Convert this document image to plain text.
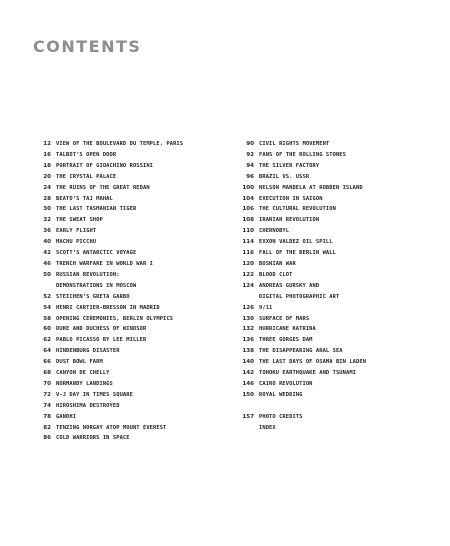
CONTENTS
12 VIEW OF THE BOULEVARD DU TEMPLE, PARIS
16 TALBOT’S OPEN DOOR
18 PORTRAIT OF GIOACHINO ROSSINI
20 THE CRYSTAL PALACE
24 THE RUINS OF THE GREAT REDAN
28 BEATO’S TAJ MAHAL
30 THE LAST TASMANIAN TIGER
32 THE SWEAT SHOP
36 EARLY FLIGHT
40 MACHU PICCHU
42 SCOTT’S ANTARCTIC VOYAGE
46 TRENCH WARFARE IN WORLD WAR I
50 RUSSIAN REVOLUTION:
DEMONSTRATIONS IN MOSCOW
52 STEICHEN’S GRETA GARBO
54 HENRI CARTIER-BRESSON IN MADRID
58 OPENING CEREMONIES, BERLIN OLYMPICS
60 DUKE AND DUCHESS OF WINDSOR
62 PABLO PICASSO BY LEE MILLER
64 HINDENBURG DISASTER
66 DUST BOWL FARM
68 CANYON DE CHELLY
70 NORMANDY LANDINGS
72 V-J DAY IN TIMES SQUARE
74 HIROSHIMA DESTROYED
78 GANDHI
82 TENZING NORGAY ATOP MOUNT EVEREST
86 COLD WARRIORS IN SPACE
90 CIVIL RIGHTS MOVEMENT
92 FANS OF THE ROLLING STONES
94 THE SILVER FACTORY
96 BRAZIL VS. USSR
100 NELSON MANDELA AT ROBBEN ISLAND
104 EXECUTION IN SAIGON
106 THE CULTURAL REVOLUTION
108 IRANIAN REVOLUTION
110 CHERNOBYL
114 EXXON VALDEZ OIL SPILL
116 FALL OF THE BERLIN WALL
120 BOSNIAN WAR
122 BLOOD CLOT
124 ANDREAS GURSKY AND
DIGITAL PHOTOGRAPHIC ART
126 9/11
130 SURFACE OF MARS
132 HURRICANE KATRINA
136 THREE GORGES DAM
138 THE DISAPPEARING ARAL SEA
140 THE LAST DAYS OF OSAMA BIN LADEN
142 TOHOKU EARTHQUAKE AND TSUNAMI
146 CAIRO REVOLUTION
150 ROYAL WEDDING
157 PHOTO CREDITS
INDEX
